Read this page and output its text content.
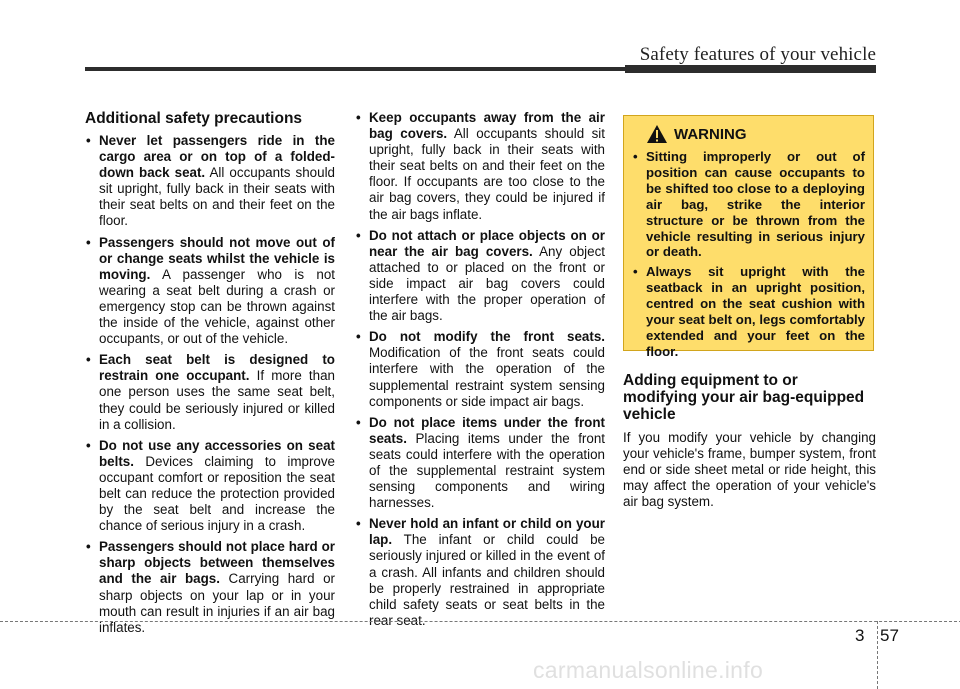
Safety features of your vehicle
Additional safety precautions
• Never let passengers ride in the cargo area or on top of a folded-down back seat. All occupants should sit upright, fully back in their seats with their seat belts on and their feet on the floor.
• Passengers should not move out of or change seats whilst the vehicle is moving. A passenger who is not wearing a seat belt during a crash or emergency stop can be thrown against the inside of the vehicle, against other occupants, or out of the vehicle.
• Each seat belt is designed to restrain one occupant. If more than one person uses the same seat belt, they could be seriously injured or killed in a collision.
• Do not use any accessories on seat belts. Devices claiming to improve occupant comfort or reposition the seat belt can reduce the protection provided by the seat belt and increase the chance of serious injury in a crash.
• Passengers should not place hard or sharp objects between themselves and the air bags. Carrying hard or sharp objects on your lap or in your mouth can result in injuries if an air bag inflates.
• Keep occupants away from the air bag covers. All occupants should sit upright, fully back in their seats with their seat belts on and their feet on the floor. If occupants are too close to the air bag covers, they could be injured if the air bags inflate.
• Do not attach or place objects on or near the air bag covers. Any object attached to or placed on the front or side impact air bag covers could interfere with the proper operation of the air bags.
• Do not modify the front seats. Modification of the front seats could interfere with the operation of the supplemental restraint system sensing components or side impact air bags.
• Do not place items under the front seats. Placing items under the front seats could interfere with the operation of the supplemental restraint system sensing components and wiring harnesses.
• Never hold an infant or child on your lap. The infant or child could be seriously injured or killed in the event of a crash. All infants and children should be properly restrained in appropriate child safety seats or seat belts in the rear seat.
WARNING
• Sitting improperly or out of position can cause occupants to be shifted too close to a deploying air bag, strike the interior structure or be thrown from the vehicle resulting in serious injury or death.
• Always sit upright with the seatback in an upright position, centred on the seat cushion with your seat belt on, legs comfortably extended and your feet on the floor.
Adding equipment to or modifying your air bag-equipped vehicle

If you modify your vehicle by changing your vehicle's frame, bumper system, front end or side sheet metal or ride height, this may affect the operation of your vehicle's air bag system.

3 57
carmanualsonline.info
